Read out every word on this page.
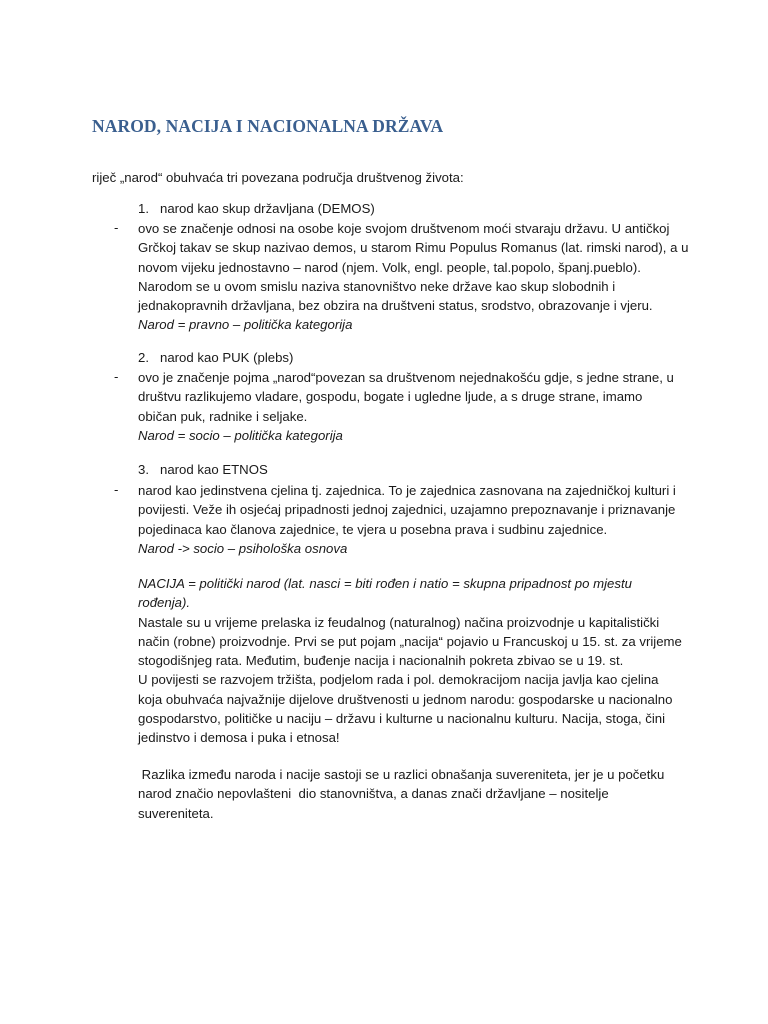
NAROD, NACIJA I NACIONALNA DRŽAVA
riječ „narod“ obuhvaća tri povezana područja društvenog života:
1. narod kao skup državljana (DEMOS)
- ovo se značenje odnosi na osobe koje svojom društvenom moći stvaraju državu. U antičkoj
Grčkoj takav se skup nazivao demos, u starom Rimu Populus Romanus (lat. rimski narod), a u
novom vijeku jednostavno – narod (njem. Volk, engl. people, tal.popolo, španj.pueblo).
Narodom se u ovom smislu naziva stanovništvo neke države kao skup slobodnih i
jednakopravnih državljana, bez obzira na društveni status, srodstvo, obrazovanje i vjeru.
Narod = pravno – politička kategorija
2. narod kao PUK (plebs)
- ovo je značenje pojma „narod“povezan sa društvenom nejednakošću gdje, s jedne strane, u
društvu razlikujemo vladare, gospodu, bogate i ugledne ljude, a s druge strane, imamo
običan puk, radnike i seljake.
Narod = socio – politička kategorija
3. narod kao ETNOS
- narod kao jedinstvena cjelina tj. zajednica. To je zajednica zasnovana na zajedničkoj kulturi i
povijesti. Veže ih osjećaj pripadnosti jednoj zajednici, uzajamno prepoznavanje i priznavanje
pojedinaca kao članova zajednice, te vjera u posebna prava i sudbinu zajednice.
Narod -> socio – psihološka osnova
NACIJA = politički narod (lat. nasci = biti rođen i natio = skupna pripadnost po mjestu
rođenja).
Nastale su u vrijeme prelaska iz feudalnog (naturalnog) načina proizvodnje u kapitalistički
način (robne) proizvodnje. Prvi se put pojam „nacija“ pojavio u Francuskoj u 15. st. za vrijeme
stogodišnjeg rata. Međutim, buđenje nacija i nacionalnih pokreta zbivao se u 19. st.
U povijesti se razvojem tržišta, podjelom rada i pol. demokracijom nacija javlja kao cjelina
koja obuhvaća najvažnije dijelove društvenosti u jednom narodu: gospodarske u nacionalno
gospodarstvo, političke u naciju – državu i kulturne u nacionalnu kulturu. Nacija, stoga, čini
jedinstvo i demosa i puka i etnosa!
Razlika između naroda i nacije sastoji se u razlici obnašanja suvereniteta, jer je u početku
narod značio nepovlašteni  dio stanovništva, a danas znači državljane – nositelje
suvereniteta.
